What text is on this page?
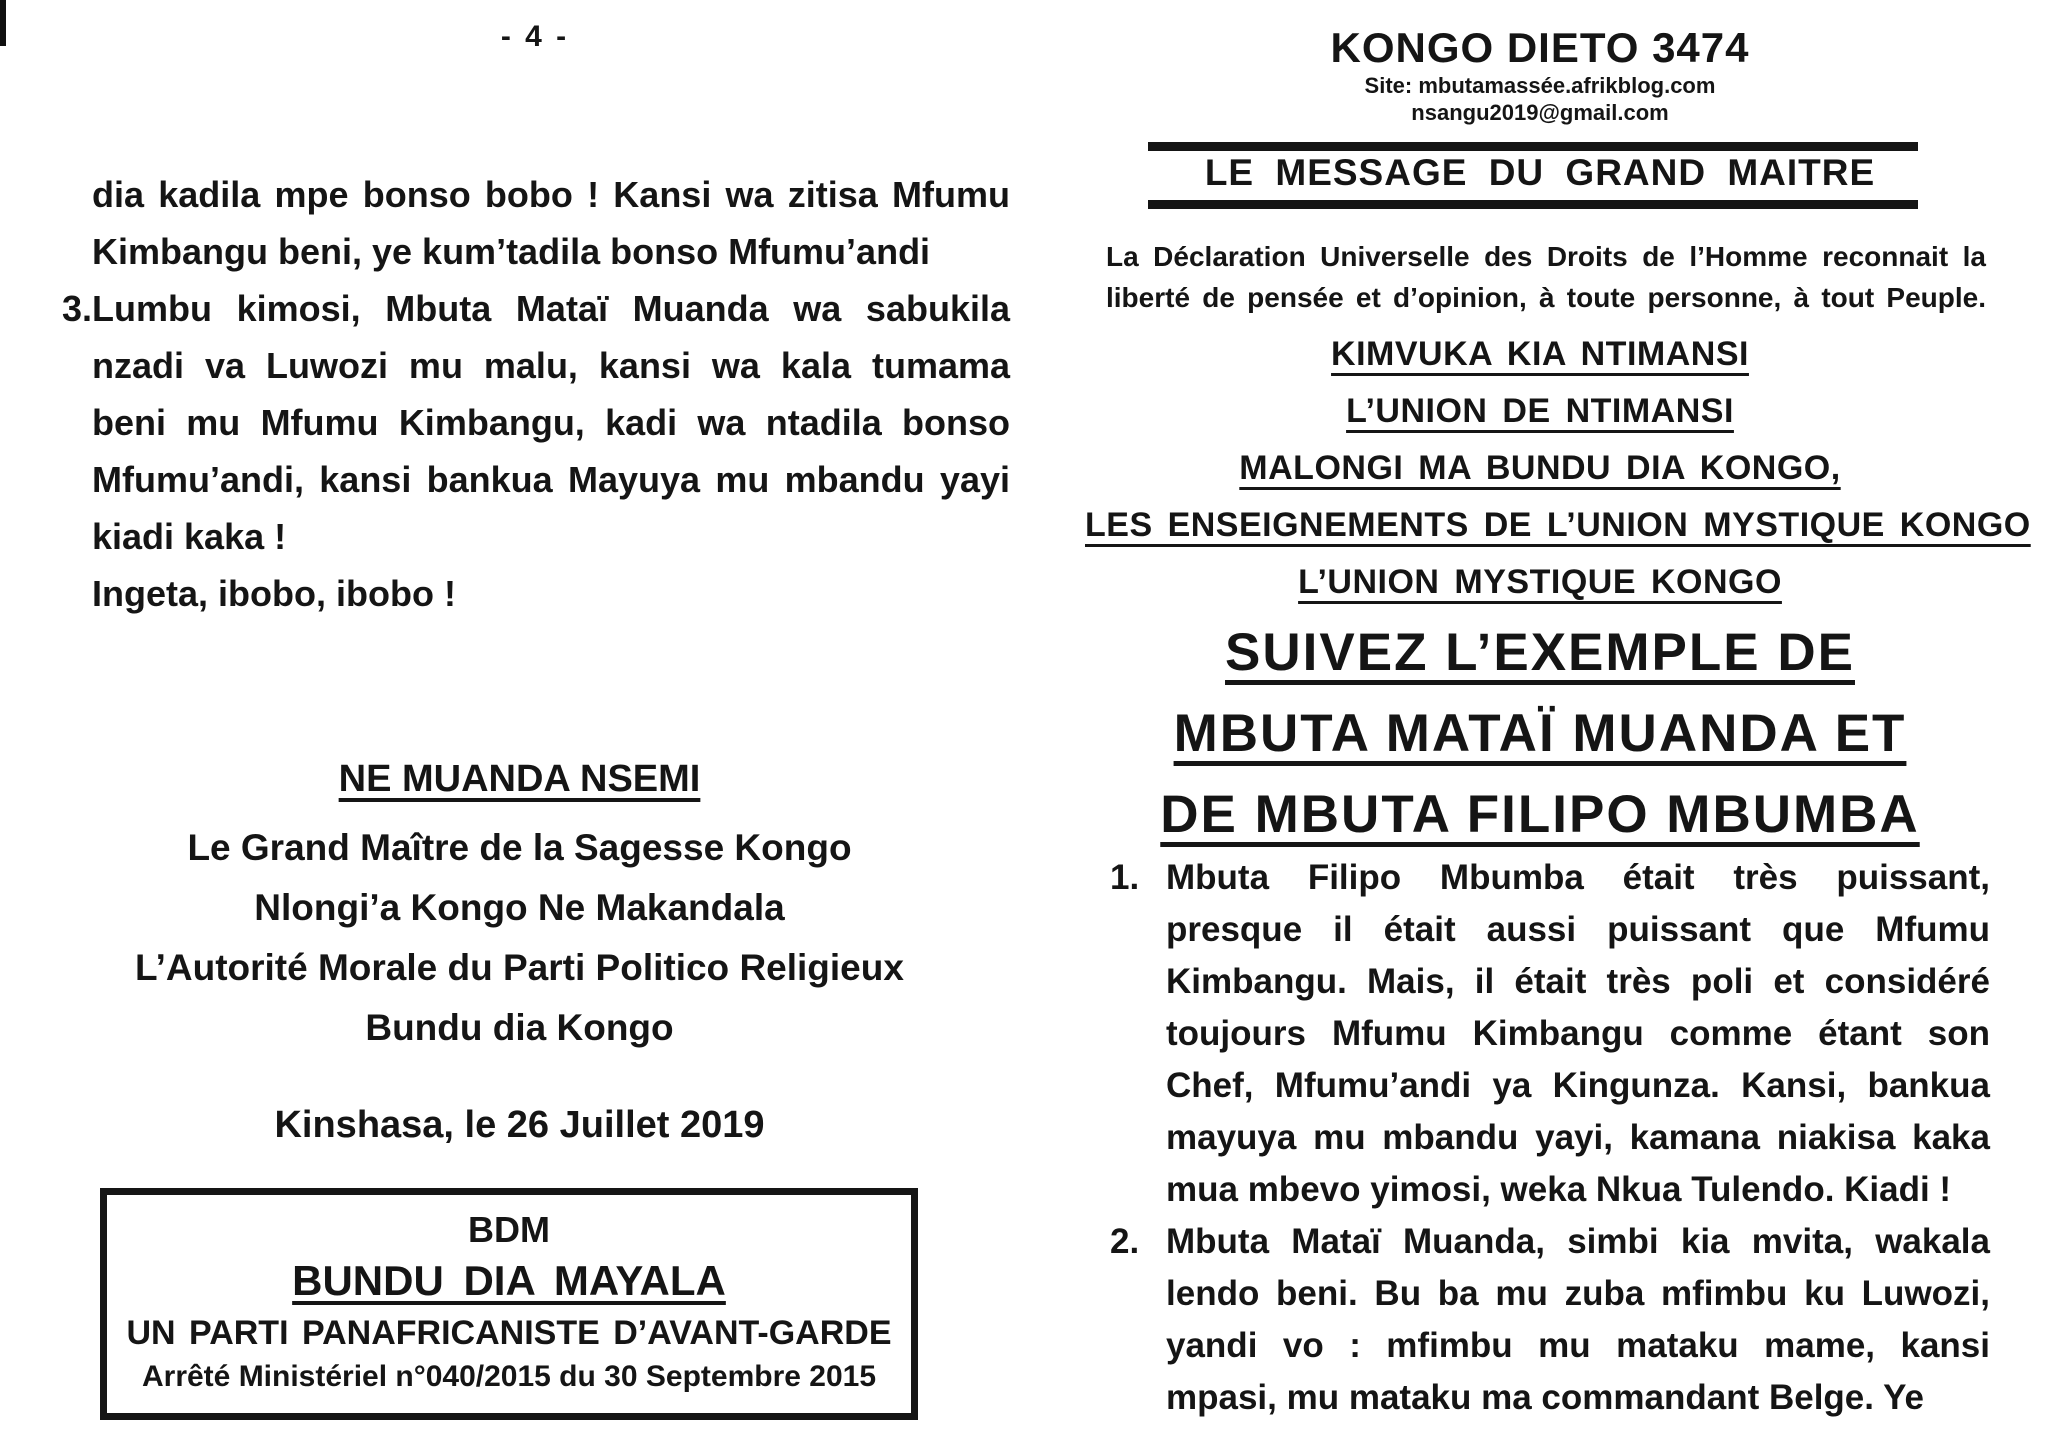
- 4 -
dia kadila mpe bonso bobo ! Kansi wa zitisa Mfumu
Kimbangu beni, ye kum’tadila bonso Mfumu’andi
3. Lumbu kimosi, Mbuta Mataï Muanda wa sabukila
nzadi va Luwozi mu malu, kansi wa kala tumama
beni mu Mfumu Kimbangu, kadi wa ntadila bonso
Mfumu’andi, kansi bankua Mayuya mu mbandu yayi
kiadi kaka !
Ingeta, ibobo, ibobo !
NE MUANDA NSEMI
Le Grand Maître de la Sagesse Kongo
Nlongi’a Kongo Ne Makandala
L’Autorité Morale du Parti Politico Religieux
Bundu dia Kongo
Kinshasa, le 26 Juillet 2019
BDM
BUNDU DIA MAYALA
UN PARTI PANAFRICANISTE D’AVANT-GARDE
Arrêté Ministériel n°040/2015 du 30 Septembre 2015
KONGO DIETO 3474
Site: mbutamassée.afrikblog.com
nsangu2019@gmail.com
LE MESSAGE DU GRAND MAITRE
La Déclaration Universelle des Droits de l’Homme reconnait la
liberté de pensée et d’opinion, à toute personne, à tout Peuple.
KIMVUKA KIA NTIMANSI
L’UNION DE NTIMANSI
MALONGI MA BUNDU DIA KONGO,
LES ENSEIGNEMENTS DE L’UNION MYSTIQUE KONGO
L’UNION MYSTIQUE KONGO
SUIVEZ L’EXEMPLE DE
MBUTA MATAÏ MUANDA ET
DE MBUTA FILIPO MBUMBA
1. Mbuta Filipo Mbumba était très puissant,
presque il était aussi puissant que Mfumu
Kimbangu. Mais, il était très poli et considéré
toujours Mfumu Kimbangu comme étant son
Chef, Mfumu’andi ya Kingunza. Kansi, bankua
mayuya mu mbandu yayi, kamana niakisa kaka
mua mbevo yimosi, weka Nkua Tulendo. Kiadi !
2. Mbuta Mataï Muanda, simbi kia mvita, wakala
lendo beni. Bu ba mu zuba mfimbu ku Luwozi,
yandi vo : mfimbu mu mataku mame, kansi
mpasi, mu mataku ma commandant Belge. Ye
